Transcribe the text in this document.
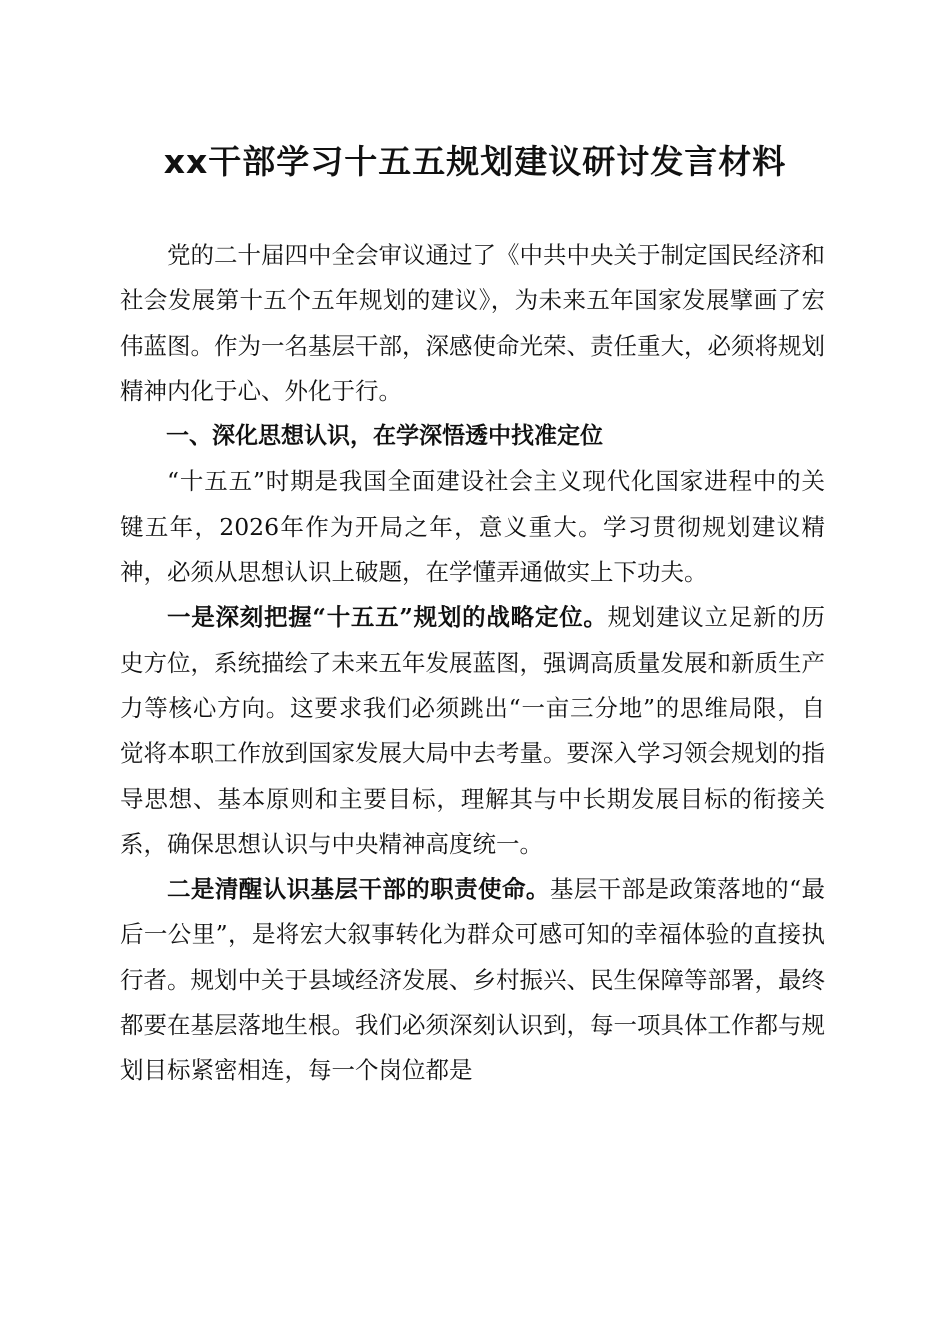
xx干部学习十五五规划建议研讨发言材料

党的二十届四中全会审议通过了《中共中央关于制定国民经济和社会发展第十五个五年规划的建议》，为未来五年国家发展擘画了宏伟蓝图。作为一名基层干部，深感使命光荣、责任重大，必须将规划精神内化于心、外化于行。

一、深化思想认识，在学深悟透中找准定位

“十五五”时期是我国全面建设社会主义现代化国家进程中的关键五年，2026年作为开局之年，意义重大。学习贯彻规划建议精神，必须从思想认识上破题，在学懂弄通做实上下功夫。

一是深刻把握“十五五”规划的战略定位。规划建议立足新的历史方位，系统描绘了未来五年发展蓝图，强调高质量发展和新质生产力等核心方向。这要求我们必须跳出“一亩三分地”的思维局限，自觉将本职工作放到国家发展大局中去考量。要深入学习领会规划的指导思想、基本原则和主要目标，理解其与中长期发展目标的衔接关系，确保思想认识与中央精神高度统一。

二是清醒认识基层干部的职责使命。基层干部是政策落地的“最后一公里”，是将宏大叙事转化为群众可感可知的幸福体验的直接执行者。规划中关于县域经济发展、乡村振兴、民生保障等部署，最终都要在基层落地生根。我们必须深刻认识到，每一项具体工作都与规划目标紧密相连，每一个岗位都是
